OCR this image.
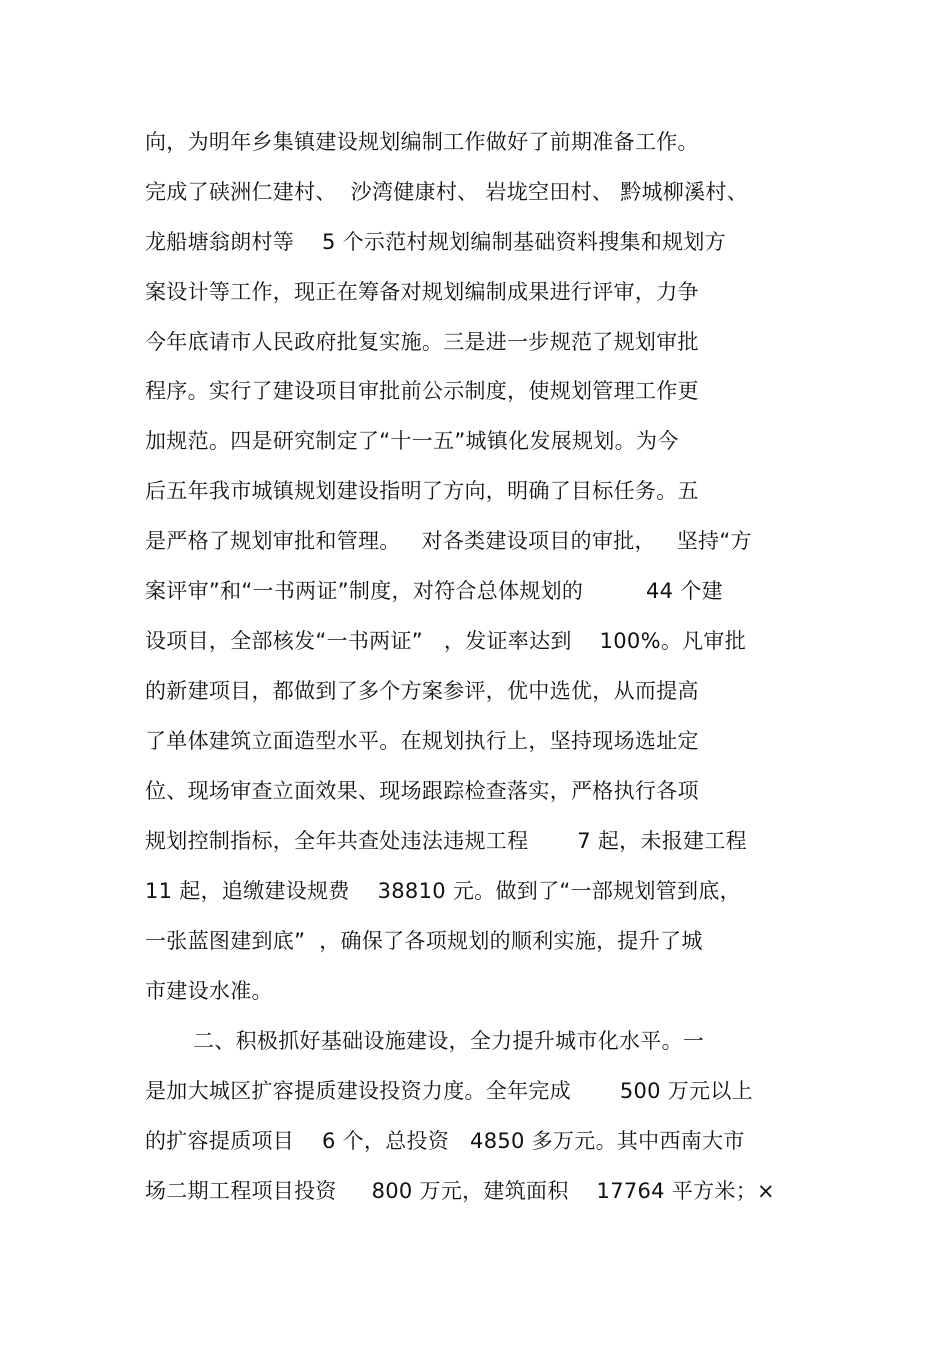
向，为明年乡集镇建设规划编制工作做好了前期准备工作。
完成了硖洲仁建村、  沙湾健康村、 岩垅空田村、 黔城柳溪村、
龙船塘翁朗村等    5 个示范村规划编制基础资料搜集和规划方
案设计等工作，现正在筹备对规划编制成果进行评审，力争
今年底请市人民政府批复实施。三是进一步规范了规划审批
程序。实行了建设项目审批前公示制度，使规划管理工作更
加规范。四是研究制定了“十一五”城镇化发展规划。为今
后五年我市城镇规划建设指明了方向，明确了目标任务。五
是严格了规划审批和管理。   对各类建设项目的审批，   坚持“方
案评审”和“一书两证”制度，对符合总体规划的         44 个建
设项目，全部核发“一书两证”   ，发证率达到    100%。凡审批
的新建项目，都做到了多个方案参评，优中选优，从而提高
了单体建筑立面造型水平。在规划执行上，坚持现场选址定
位、现场审查立面效果、现场跟踪检查落实，严格执行各项
规划控制指标，全年共查处违法违规工程       7 起，未报建工程
11 起，追缴建设规费    38810 元。做到了“一部规划管到底，
一张蓝图建到底”  ，确保了各项规划的顺利实施，提升了城
市建设水准。
二、积极抓好基础设施建设，全力提升城市化水平。一
是加大城区扩容提质建设投资力度。全年完成       500 万元以上
的扩容提质项目    6 个，总投资   4850 多万元。其中西南大市
场二期工程项目投资     800 万元，建筑面积    17764 平方米；×
